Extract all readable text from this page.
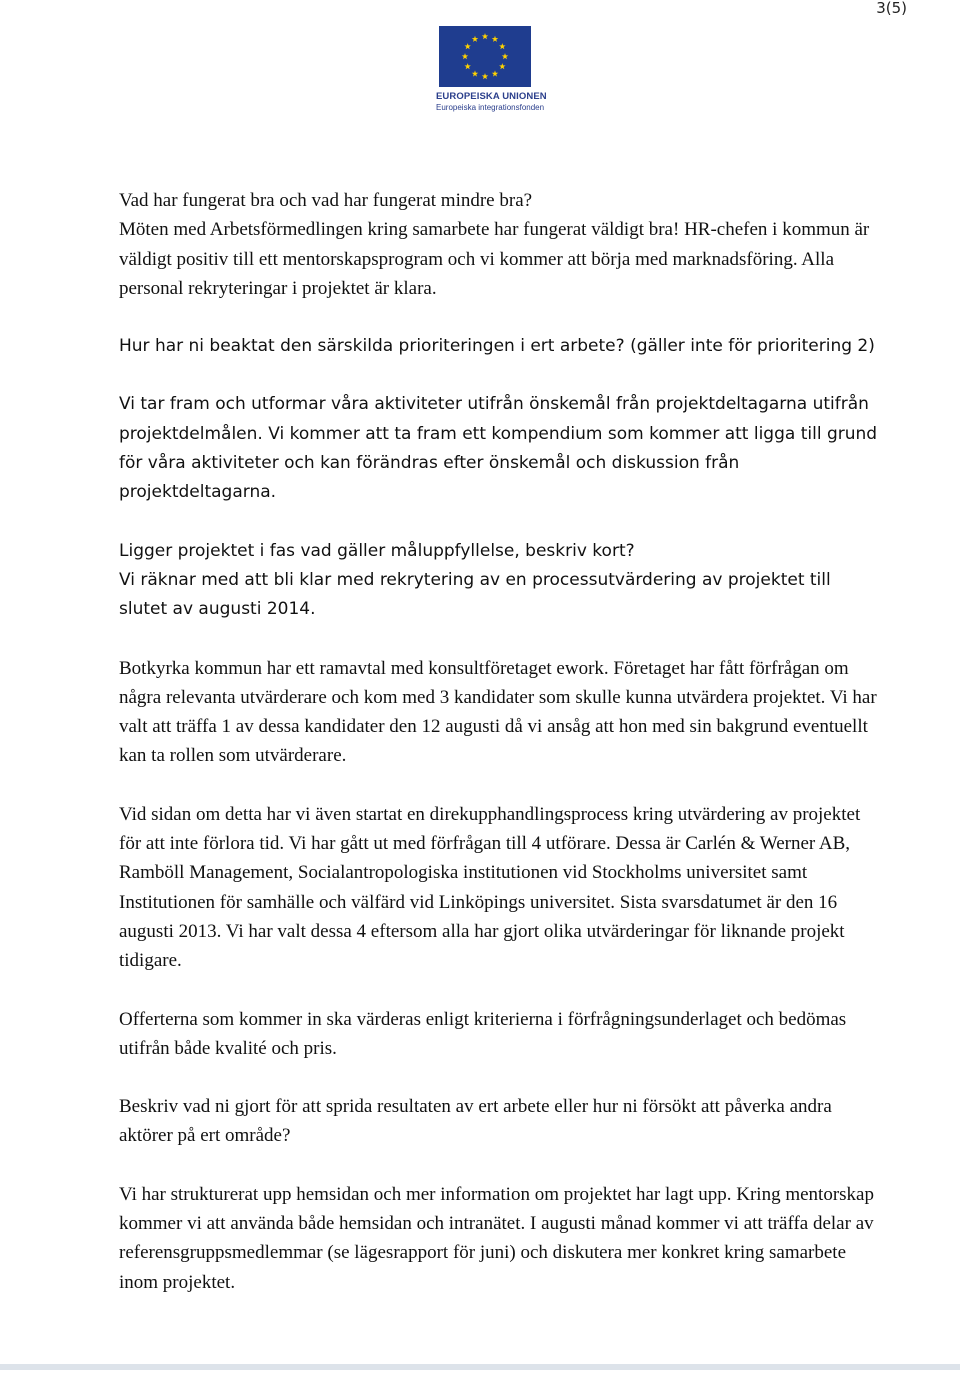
3(5)
EUROPEISKA UNIONEN
Europeiska integrationsfonden

Vad har fungerat bra och vad har fungerat mindre bra?

Möten med Arbetsförmedlingen kring samarbete har fungerat väldigt bra! HR-chefen i kommun är väldigt positiv till ett mentorskapsprogram och vi kommer att börja med marknadsföring. Alla personal rekryteringar i projektet är klara.

Hur har ni beaktat den särskilda prioriteringen i ert arbete? (gäller inte för prioritering 2)

Vi tar fram och utformar våra aktiviteter utifrån önskemål från projektdeltagarna utifrån projektdelmålen. Vi kommer att ta fram ett kompendium som kommer att ligga till grund för våra aktiviteter och kan förändras efter önskemål och diskussion från projektdeltagarna.

Ligger projektet i fas vad gäller måluppfyllelse, beskriv kort?

Vi räknar med att bli klar med rekrytering av en processutvärdering av projektet till slutet av augusti 2014.

Botkyrka kommun har ett ramavtal med konsultföretaget ework. Företaget har fått förfrågan om några relevanta utvärderare och kom med 3 kandidater som skulle kunna utvärdera projektet. Vi har valt att träffa 1 av dessa kandidater den 12 augusti då vi ansåg att hon med sin bakgrund eventuellt kan ta rollen som utvärderare.

Vid sidan om detta har vi även startat en direkupphandlingsprocess kring utvärdering av projektet för att inte förlora tid. Vi har gått ut med förfrågan till 4 utförare. Dessa är Carlén & Werner AB, Ramböll Management, Socialantropologiska institutionen vid Stockholms universitet samt Institutionen för samhälle och välfärd vid Linköpings universitet. Sista svarsdatumet är den 16 augusti 2013. Vi har valt dessa 4 eftersom alla har gjort olika utvärderingar för liknande projekt tidigare.

Offerterna som kommer in ska värderas enligt kriterierna i förfrågningsunderlaget och bedömas utifrån både kvalité och pris.

Beskriv vad ni gjort för att sprida resultaten av ert arbete eller hur ni försökt att påverka andra aktörer på ert område?

Vi har strukturerat upp hemsidan och mer information om projektet har lagt upp. Kring mentorskap kommer vi att använda både hemsidan och intranätet. I augusti månad kommer vi att träffa delar av referensgruppsmedlemmar (se lägesrapport för juni) och diskutera mer konkret kring samarbete inom projektet.
